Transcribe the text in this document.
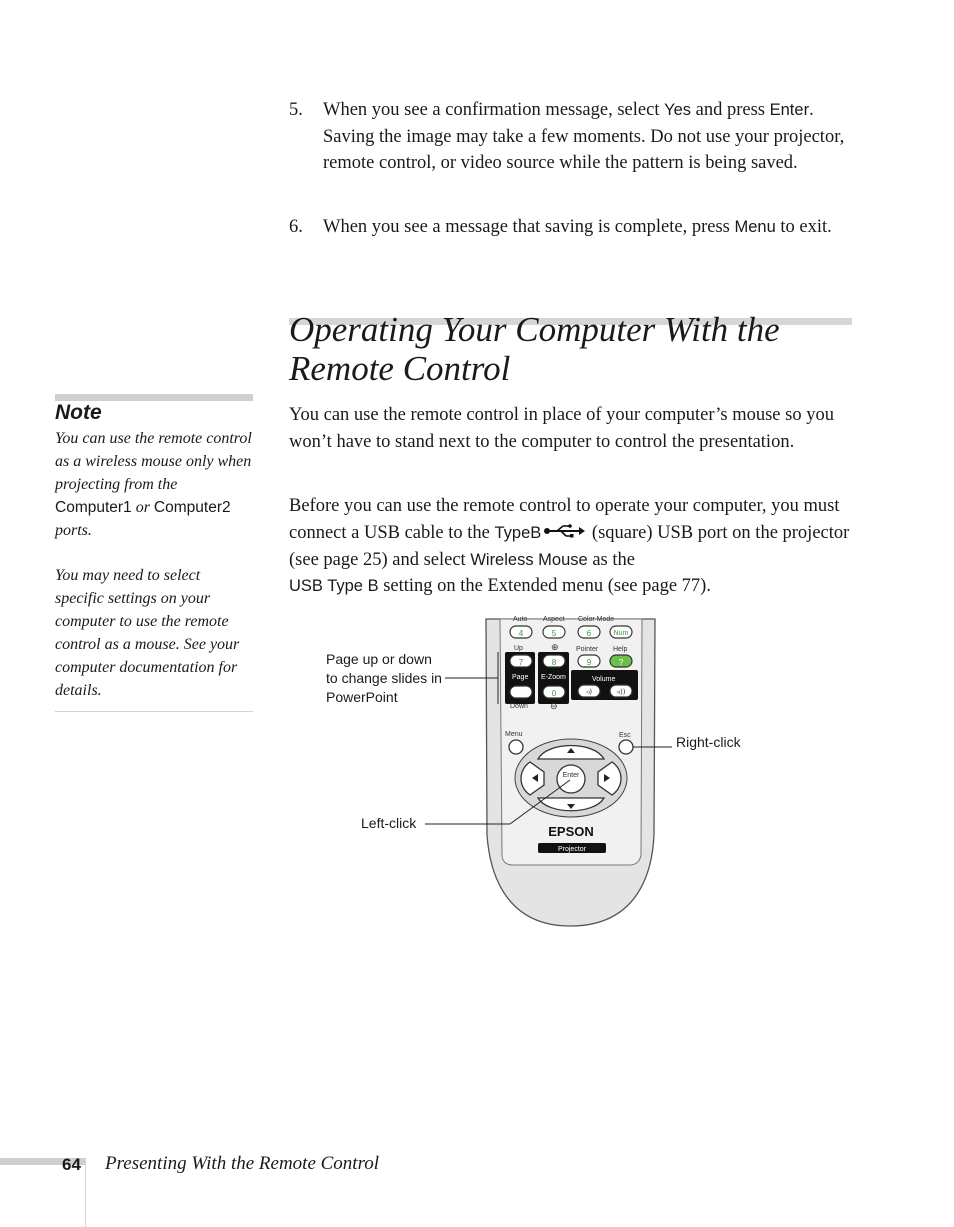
5. When you see a confirmation message, select Yes and press Enter. Saving the image may take a few moments. Do not use your projector, remote control, or video source while the pattern is being saved.
6. When you see a message that saving is complete, press Menu to exit.
Operating Your Computer With the Remote Control

You can use the remote control in place of your computer’s mouse so you won’t have to stand next to the computer to control the presentation.

Before you can use the remote control to operate your computer, you must connect a USB cable to the TypeB (square) USB port on the projector (see page 25) and select Wireless Mouse as the
USB Type B setting on the Extended menu (see page 77).

Note

You can use the remote control as a wireless mouse only when projecting from the Computer1 or Computer2 ports.

You may need to select specific settings on your computer to use the remote control as a mouse. See your computer documentation for details.

Auto Aspect Color Mode
4	5	6	Num
Up	⊕ Pointer Help
7	8	9	?
Page E-Zoom	Volume
0	◃)	◃))
Down ⊖
Menu	Esc
Enter
EPSON
Projector
Page up or down to change slides in PowerPoint
Right-click
Left-click
64 Presenting With the Remote Control
